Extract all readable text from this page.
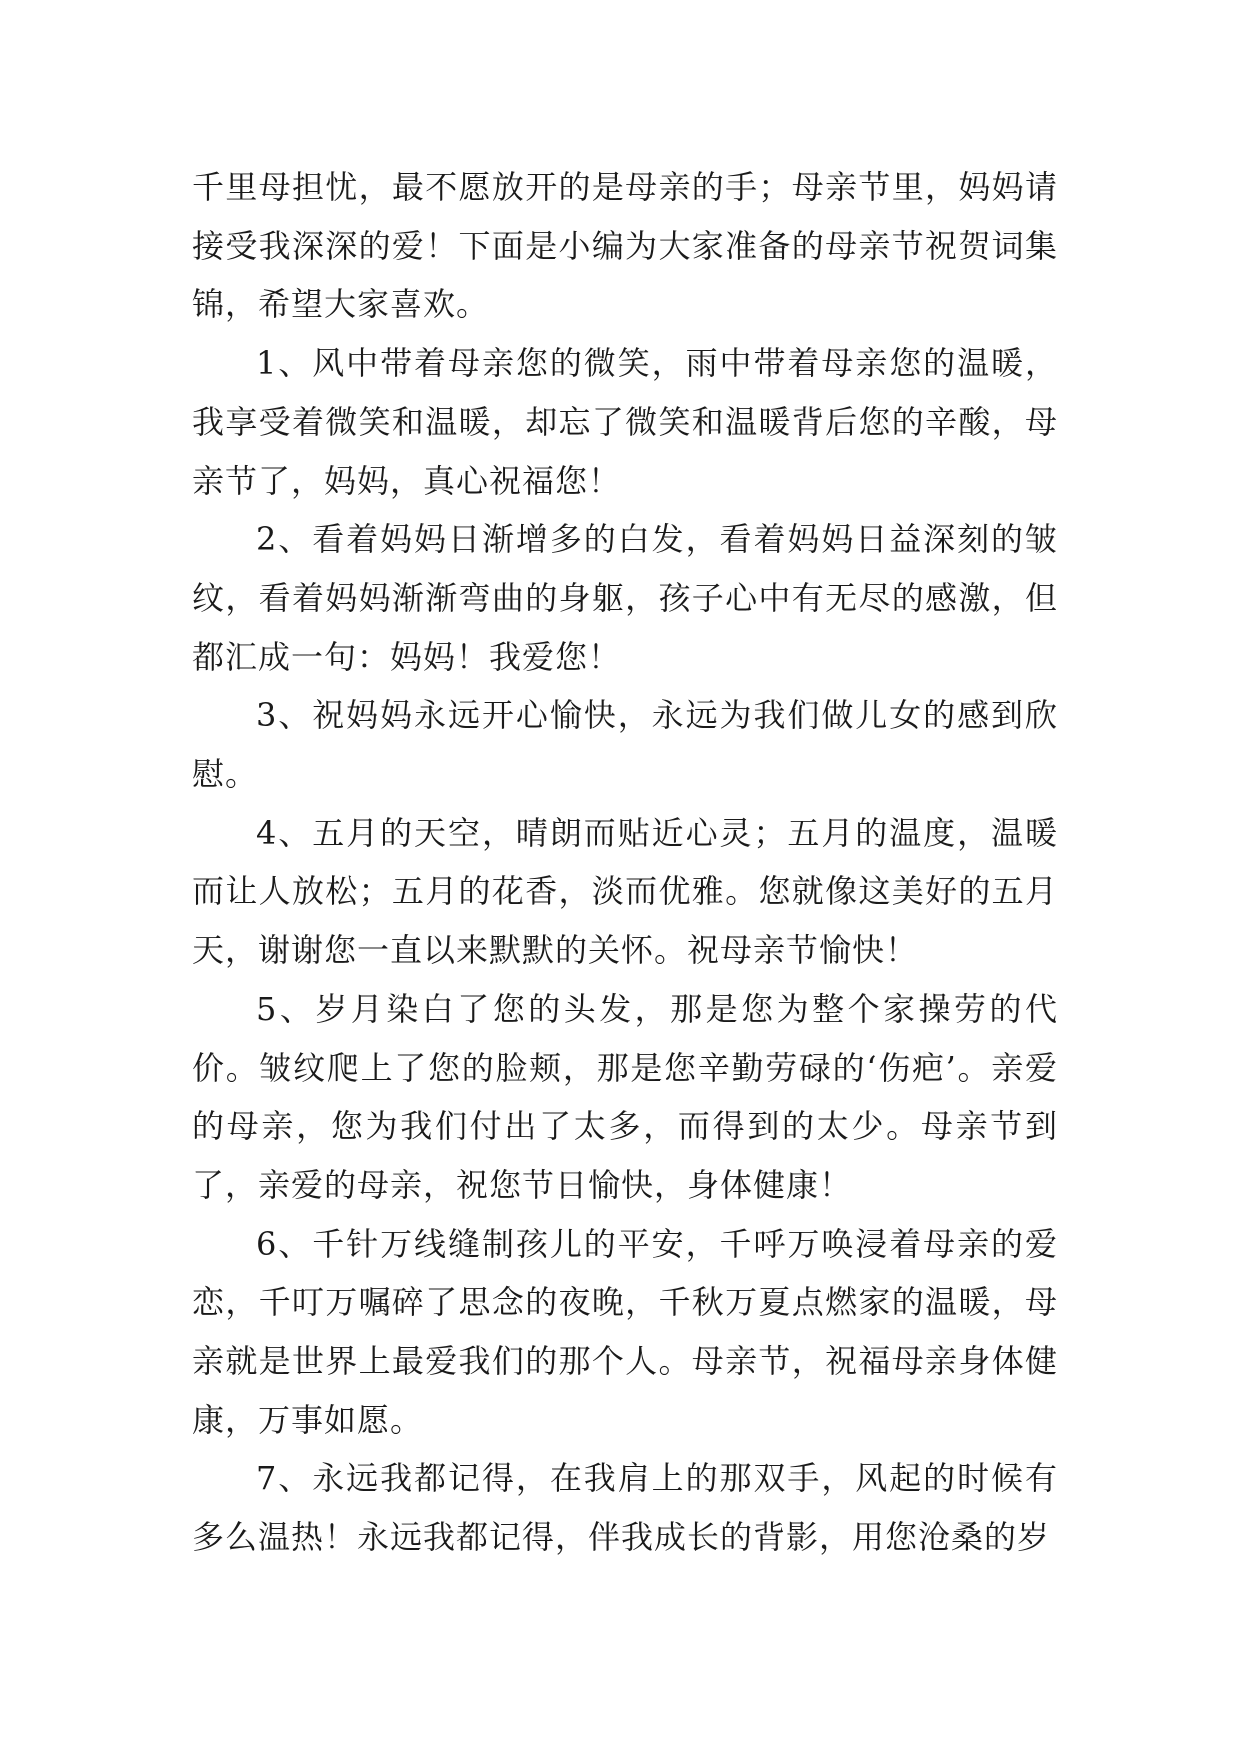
千里母担忧，最不愿放开的是母亲的手；母亲节里，妈妈请接受我深深的爱！下面是小编为大家准备的母亲节祝贺词集锦，希望大家喜欢。

1、风中带着母亲您的微笑，雨中带着母亲您的温暖，我享受着微笑和温暖，却忘了微笑和温暖背后您的辛酸，母亲节了，妈妈，真心祝福您！

2、看着妈妈日渐增多的白发，看着妈妈日益深刻的皱纹，看着妈妈渐渐弯曲的身躯，孩子心中有无尽的感激，但都汇成一句：妈妈！我爱您！

3、祝妈妈永远开心愉快，永远为我们做儿女的感到欣慰。

4、五月的天空，晴朗而贴近心灵；五月的温度，温暖而让人放松；五月的花香，淡而优雅。您就像这美好的五月天，谢谢您一直以来默默的关怀。祝母亲节愉快！

5、岁月染白了您的头发，那是您为整个家操劳的代价。皱纹爬上了您的脸颊，那是您辛勤劳碌的‘伤疤’。亲爱的母亲，您为我们付出了太多，而得到的太少。母亲节到了，亲爱的母亲，祝您节日愉快，身体健康！

6、千针万线缝制孩儿的平安，千呼万唤浸着母亲的爱恋，千叮万嘱碎了思念的夜晚，千秋万夏点燃家的温暖，母亲就是世界上最爱我们的那个人。母亲节，祝福母亲身体健康，万事如愿。

7、永远我都记得，在我肩上的那双手，风起的时候有多么温热！永远我都记得，伴我成长的背影，用您沧桑的岁
